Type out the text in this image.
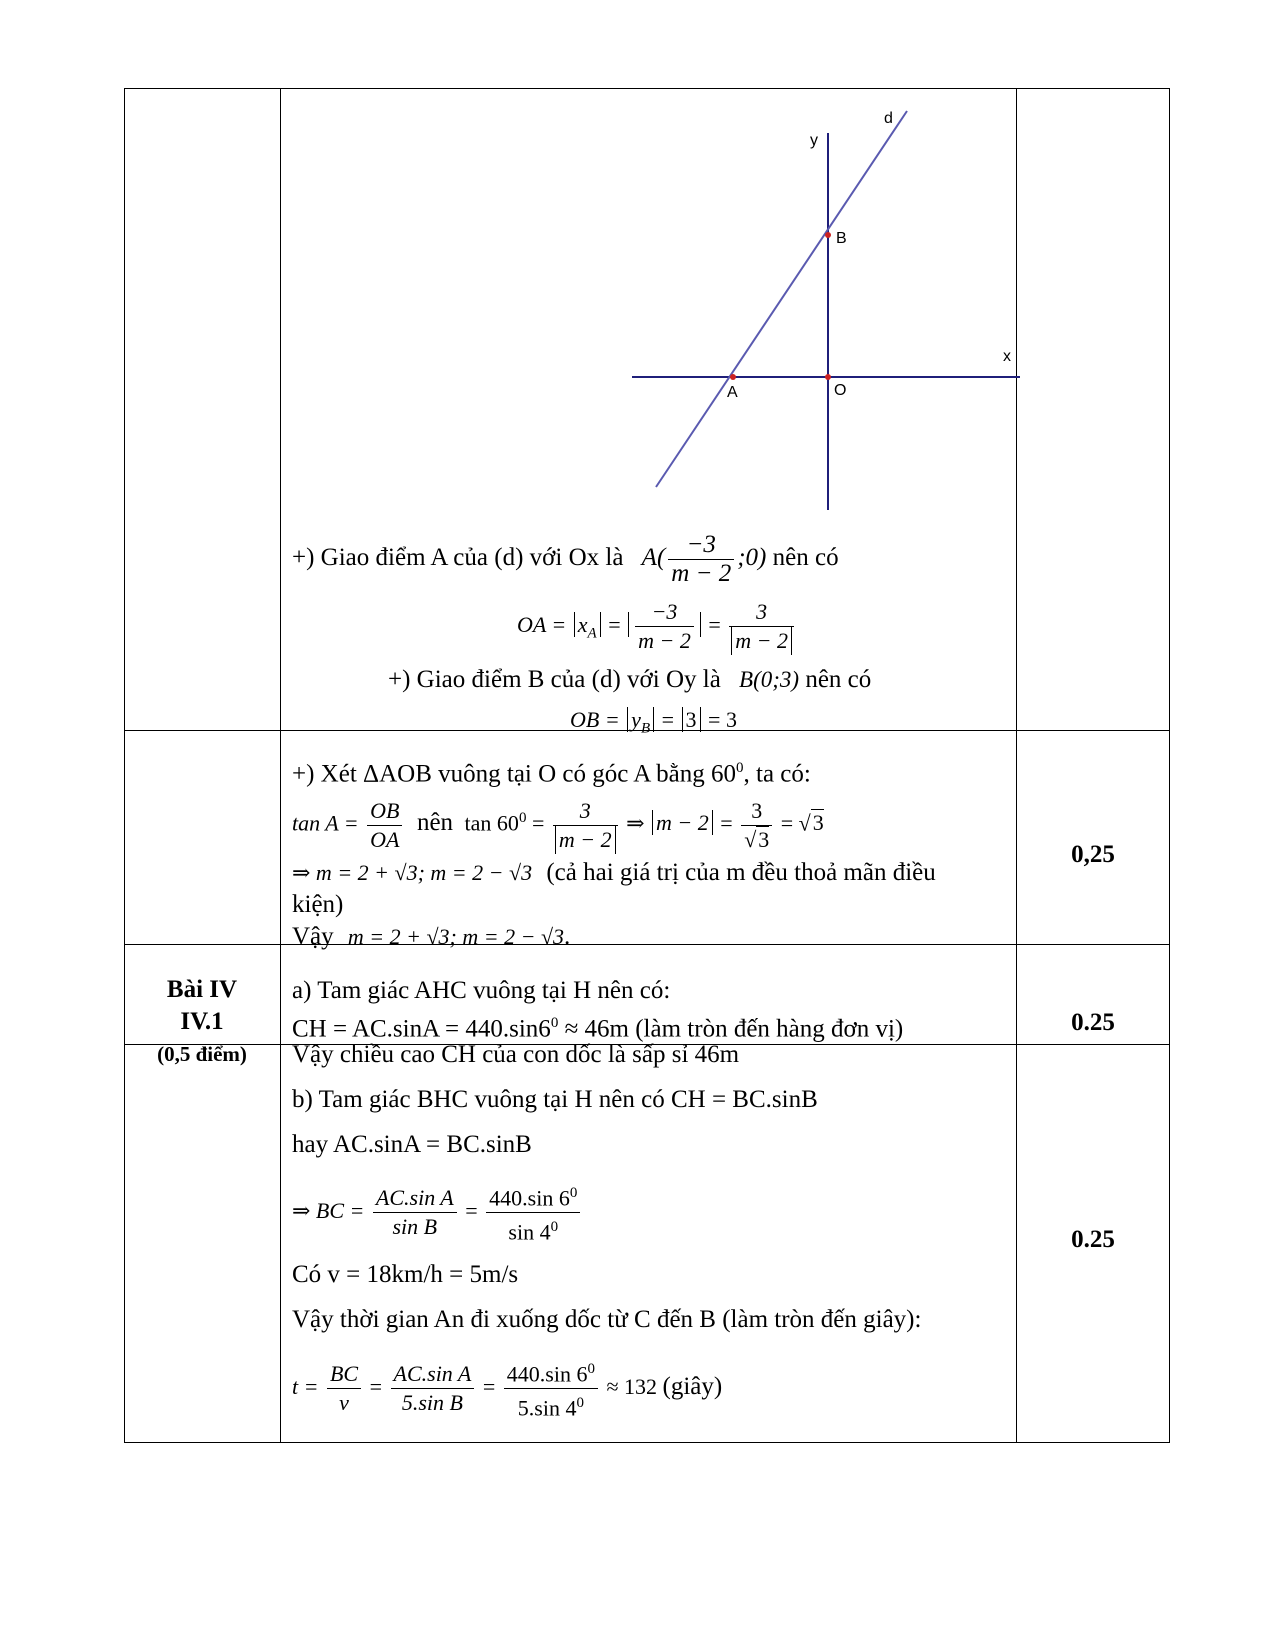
y
x
d
A
B
O
+) Giao điểm A của (d) với Ox là $A( \frac{-3}{m - 2}$ ;0) nên có
OA = $x_A = \frac{-3}{m - 2} = \frac{3}{m - 2}$
+) Giao điểm B của (d) với Oy là B(0;3) nên có
OB = $y_B = 3 = 3$
+) Xét ΔAOB vuông tại O có góc A bằng $60^0$, ta có:
$\tan A = \frac{OB}{OA}$ nên $\tan 60^0 = \frac{3}{m - 2}$ ⇒ $m - 2 = \frac{3}{√3} = √3$
⇒ m = 2 + √3; m = 2 − √3 (cả hai giá trị của m đều thoả mãn điều
kiện)
Vậy m = 2 + √3; m = 2 − √3.
0,25
Bài IV
IV.1
(0,5 điểm)
a) Tam giác AHC vuông tại H nên có:
CH = $AC.\sin A = 440.\sin 6^0 \approx 46m$ (làm tròn đến hàng đơn vị)
Vậy chiều cao CH của con dốc là sấp sỉ 46m
0.25
b) Tam giác BHC vuông tại H nên có CH = BC.sinB
hay AC.sinA = BC.sinB
⇒ BC = $\frac{\text{AC.sin A}}{\text{sin B}} = \frac{440.\sin 6^0}{\sin 4^0}$
Có v = 18km/h = 5m/s
Vậy thời gian An đi xuống dốc từ C đến B (làm tròn đến giây):
$t = \frac{BC}{v} = \frac{\text{AC.sin A}}{\text{5.sin B}} = \frac{440.\sin 6^0}{5.\sin 4^0} \approx 132$ (giây)
0.25
